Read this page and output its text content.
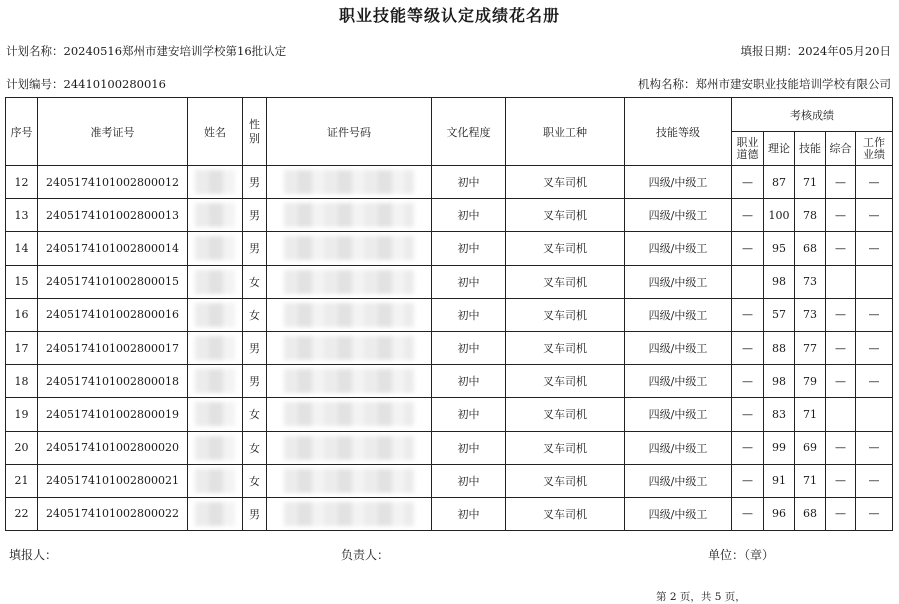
职业技能等级认定成绩花名册
计划名称：20240516郑州市建安培训学校第16批认定	填报日期：2024年05月20日
计划编号：24410100280016	机构名称：郑州市建安职业技能培训学校有限公司
序号	准考证号	姓名	性别	证件号码	文化程度	职业工种	技能等级	考核成绩				
								职业道德	理论	技能	综合	工作业绩
12	2405174101002800012		男		初中	叉车司机	四级/中级工	—	87	71	—	—
13	2405174101002800013		男		初中	叉车司机	四级/中级工	—	100	78	—	—
14	2405174101002800014		男		初中	叉车司机	四级/中级工	—	95	68	—	—
15	2405174101002800015		女		初中	叉车司机	四级/中级工		98	73		
16	2405174101002800016		女		初中	叉车司机	四级/中级工	—	57	73	—	—
17	2405174101002800017		男		初中	叉车司机	四级/中级工	—	88	77	—	—
18	2405174101002800018		男		初中	叉车司机	四级/中级工	—	98	79	—	—
19	2405174101002800019		女		初中	叉车司机	四级/中级工	—	83	71		
20	2405174101002800020		女		初中	叉车司机	四级/中级工	—	99	69	—	—
21	2405174101002800021		女		初中	叉车司机	四级/中级工	—	91	71	—	—
22	2405174101002800022		男		初中	叉车司机	四级/中级工	—	96	68	—	—
填报人：	负责人：	单位：（章）
第 2 页，共 5 页，
